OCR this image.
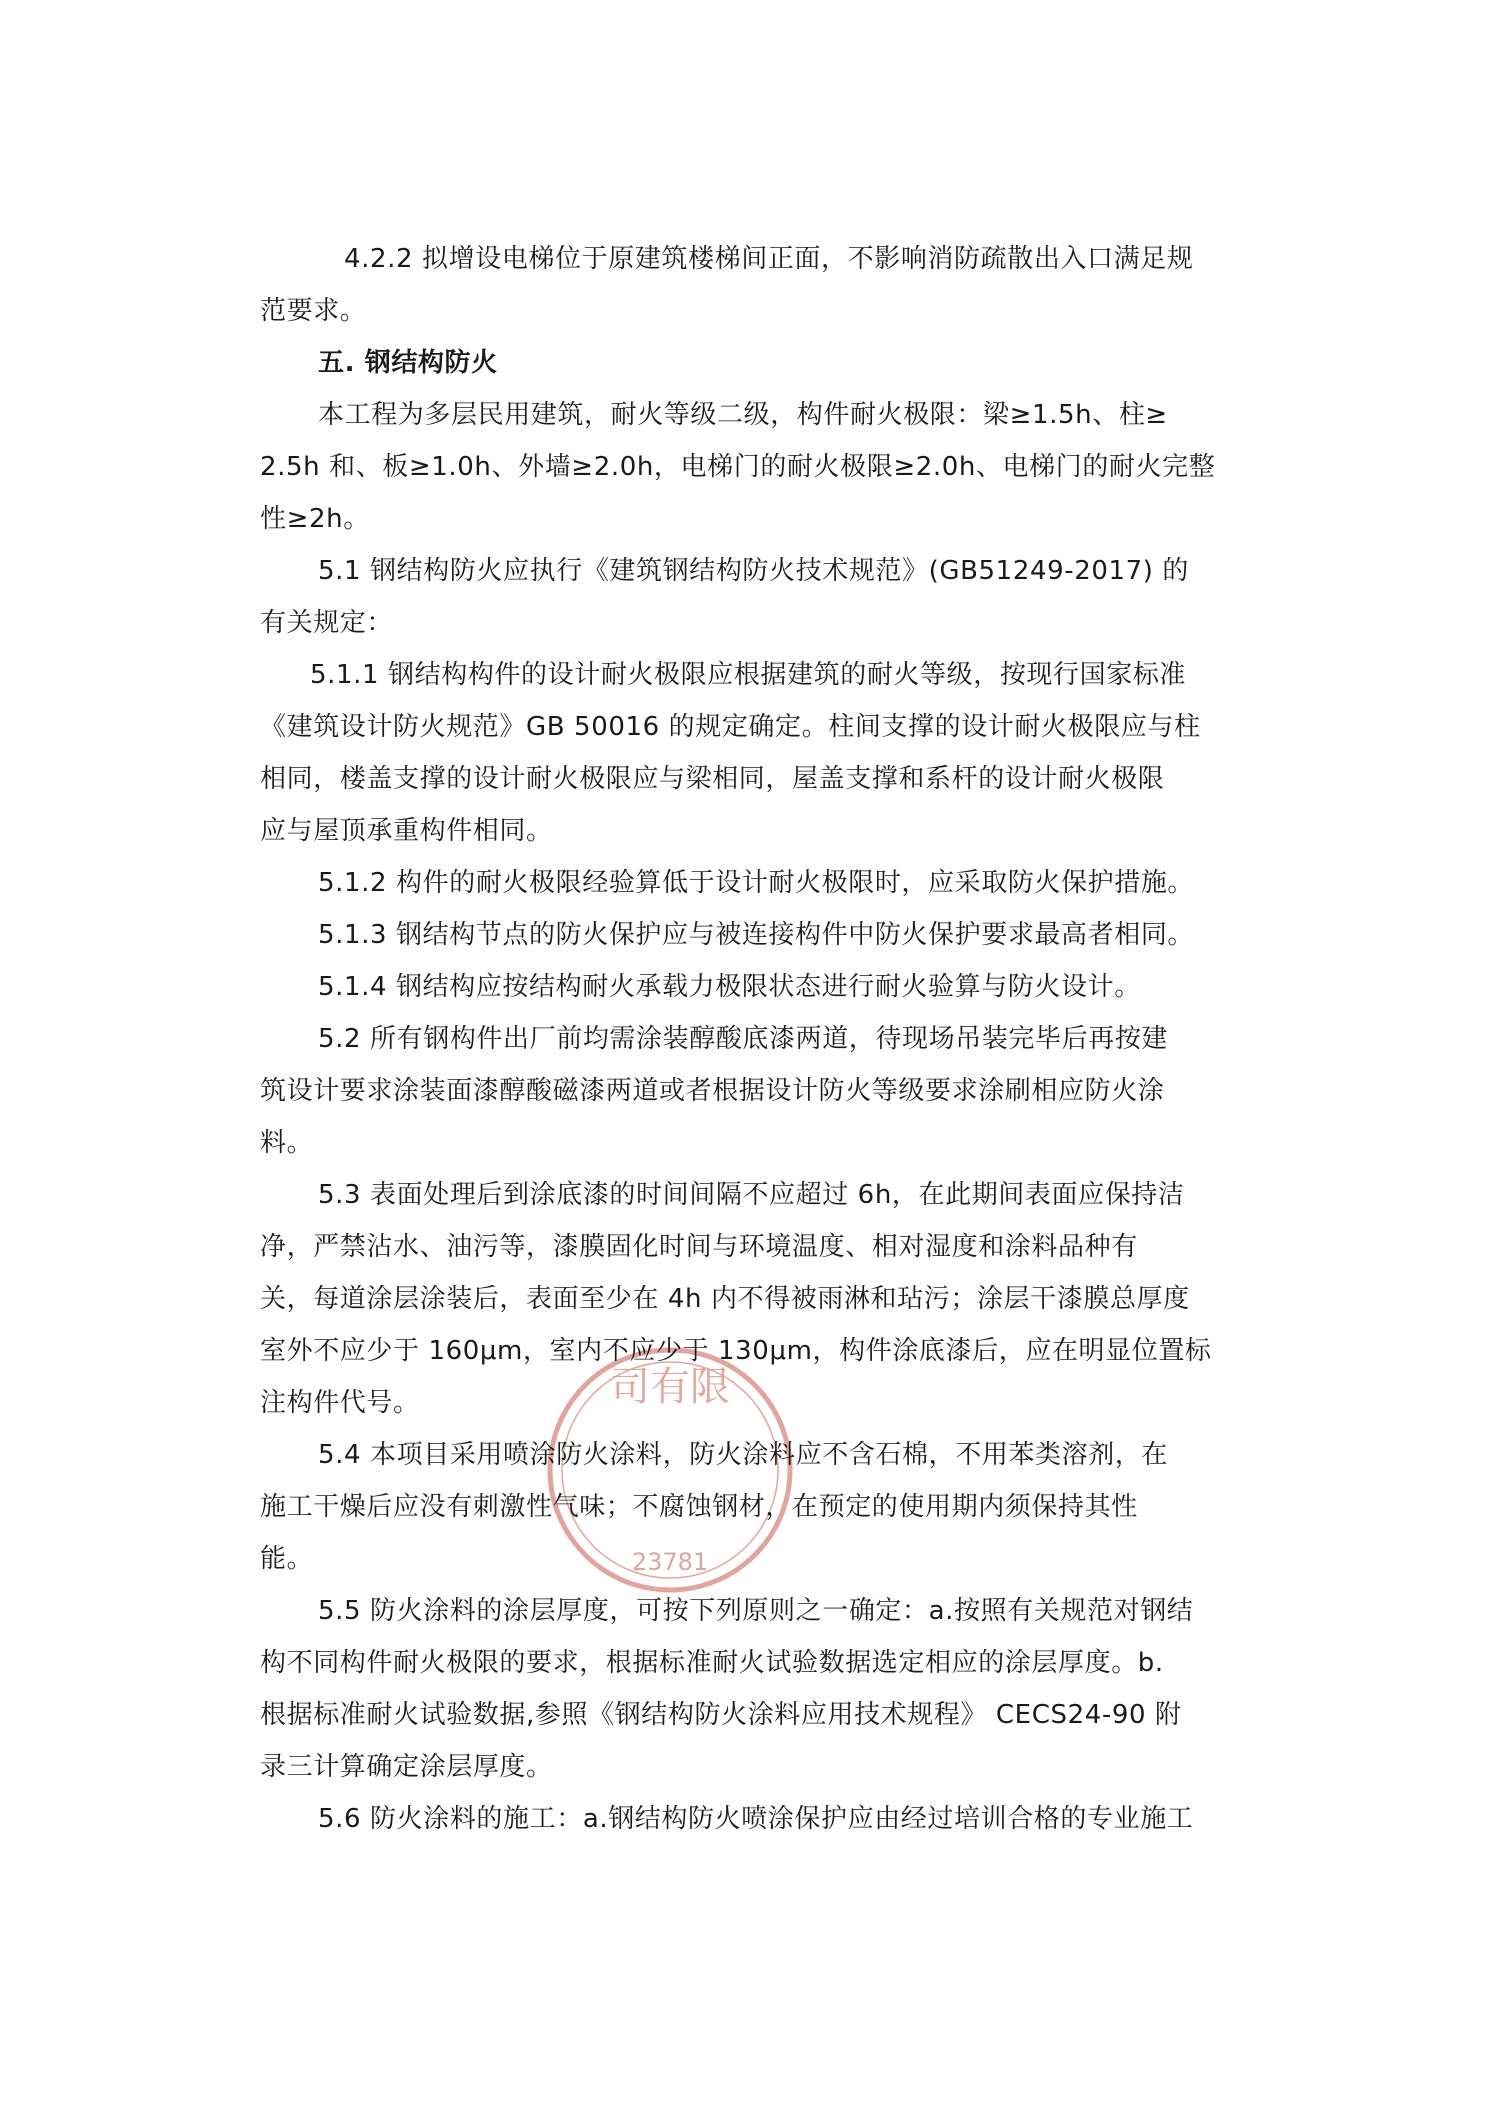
司有限
23781
4.2.2 拟增设电梯位于原建筑楼梯间正面，不影响消防疏散出入口满足规
范要求。
五. 钢结构防火
本工程为多层民用建筑，耐火等级二级，构件耐火极限：梁≥1.5h、柱≥
2.5h 和、板≥1.0h、外墙≥2.0h，电梯门的耐火极限≥2.0h、电梯门的耐火完整
性≥2h。
5.1 钢结构防火应执行《建筑钢结构防火技术规范》(GB51249-2017) 的
有关规定：
5.1.1 钢结构构件的设计耐火极限应根据建筑的耐火等级，按现行国家标准
《建筑设计防火规范》GB 50016 的规定确定。柱间支撑的设计耐火极限应与柱
相同，楼盖支撑的设计耐火极限应与梁相同，屋盖支撑和系杆的设计耐火极限
应与屋顶承重构件相同。
5.1.2 构件的耐火极限经验算低于设计耐火极限时，应采取防火保护措施。
5.1.3 钢结构节点的防火保护应与被连接构件中防火保护要求最高者相同。
5.1.4 钢结构应按结构耐火承载力极限状态进行耐火验算与防火设计。
5.2 所有钢构件出厂前均需涂装醇酸底漆两道，待现场吊装完毕后再按建
筑设计要求涂装面漆醇酸磁漆两道或者根据设计防火等级要求涂刷相应防火涂
料。
5.3 表面处理后到涂底漆的时间间隔不应超过 6h，在此期间表面应保持洁
净，严禁沾水、油污等，漆膜固化时间与环境温度、相对湿度和涂料品种有
关，每道涂层涂装后，表面至少在 4h 内不得被雨淋和玷污；涂层干漆膜总厚度
室外不应少于 160μm，室内不应少于 130μm，构件涂底漆后，应在明显位置标
注构件代号。
5.4 本项目采用喷涂防火涂料，防火涂料应不含石棉，不用苯类溶剂，在
施工干燥后应没有刺激性气味；不腐蚀钢材，在预定的使用期内须保持其性
能。
5.5 防火涂料的涂层厚度，可按下列原则之一确定：a.按照有关规范对钢结
构不同构件耐火极限的要求，根据标准耐火试验数据选定相应的涂层厚度。b.
根据标准耐火试验数据,参照《钢结构防火涂料应用技术规程》 CECS24-90 附
录三计算确定涂层厚度。
5.6 防火涂料的施工：a.钢结构防火喷涂保护应由经过培训合格的专业施工
